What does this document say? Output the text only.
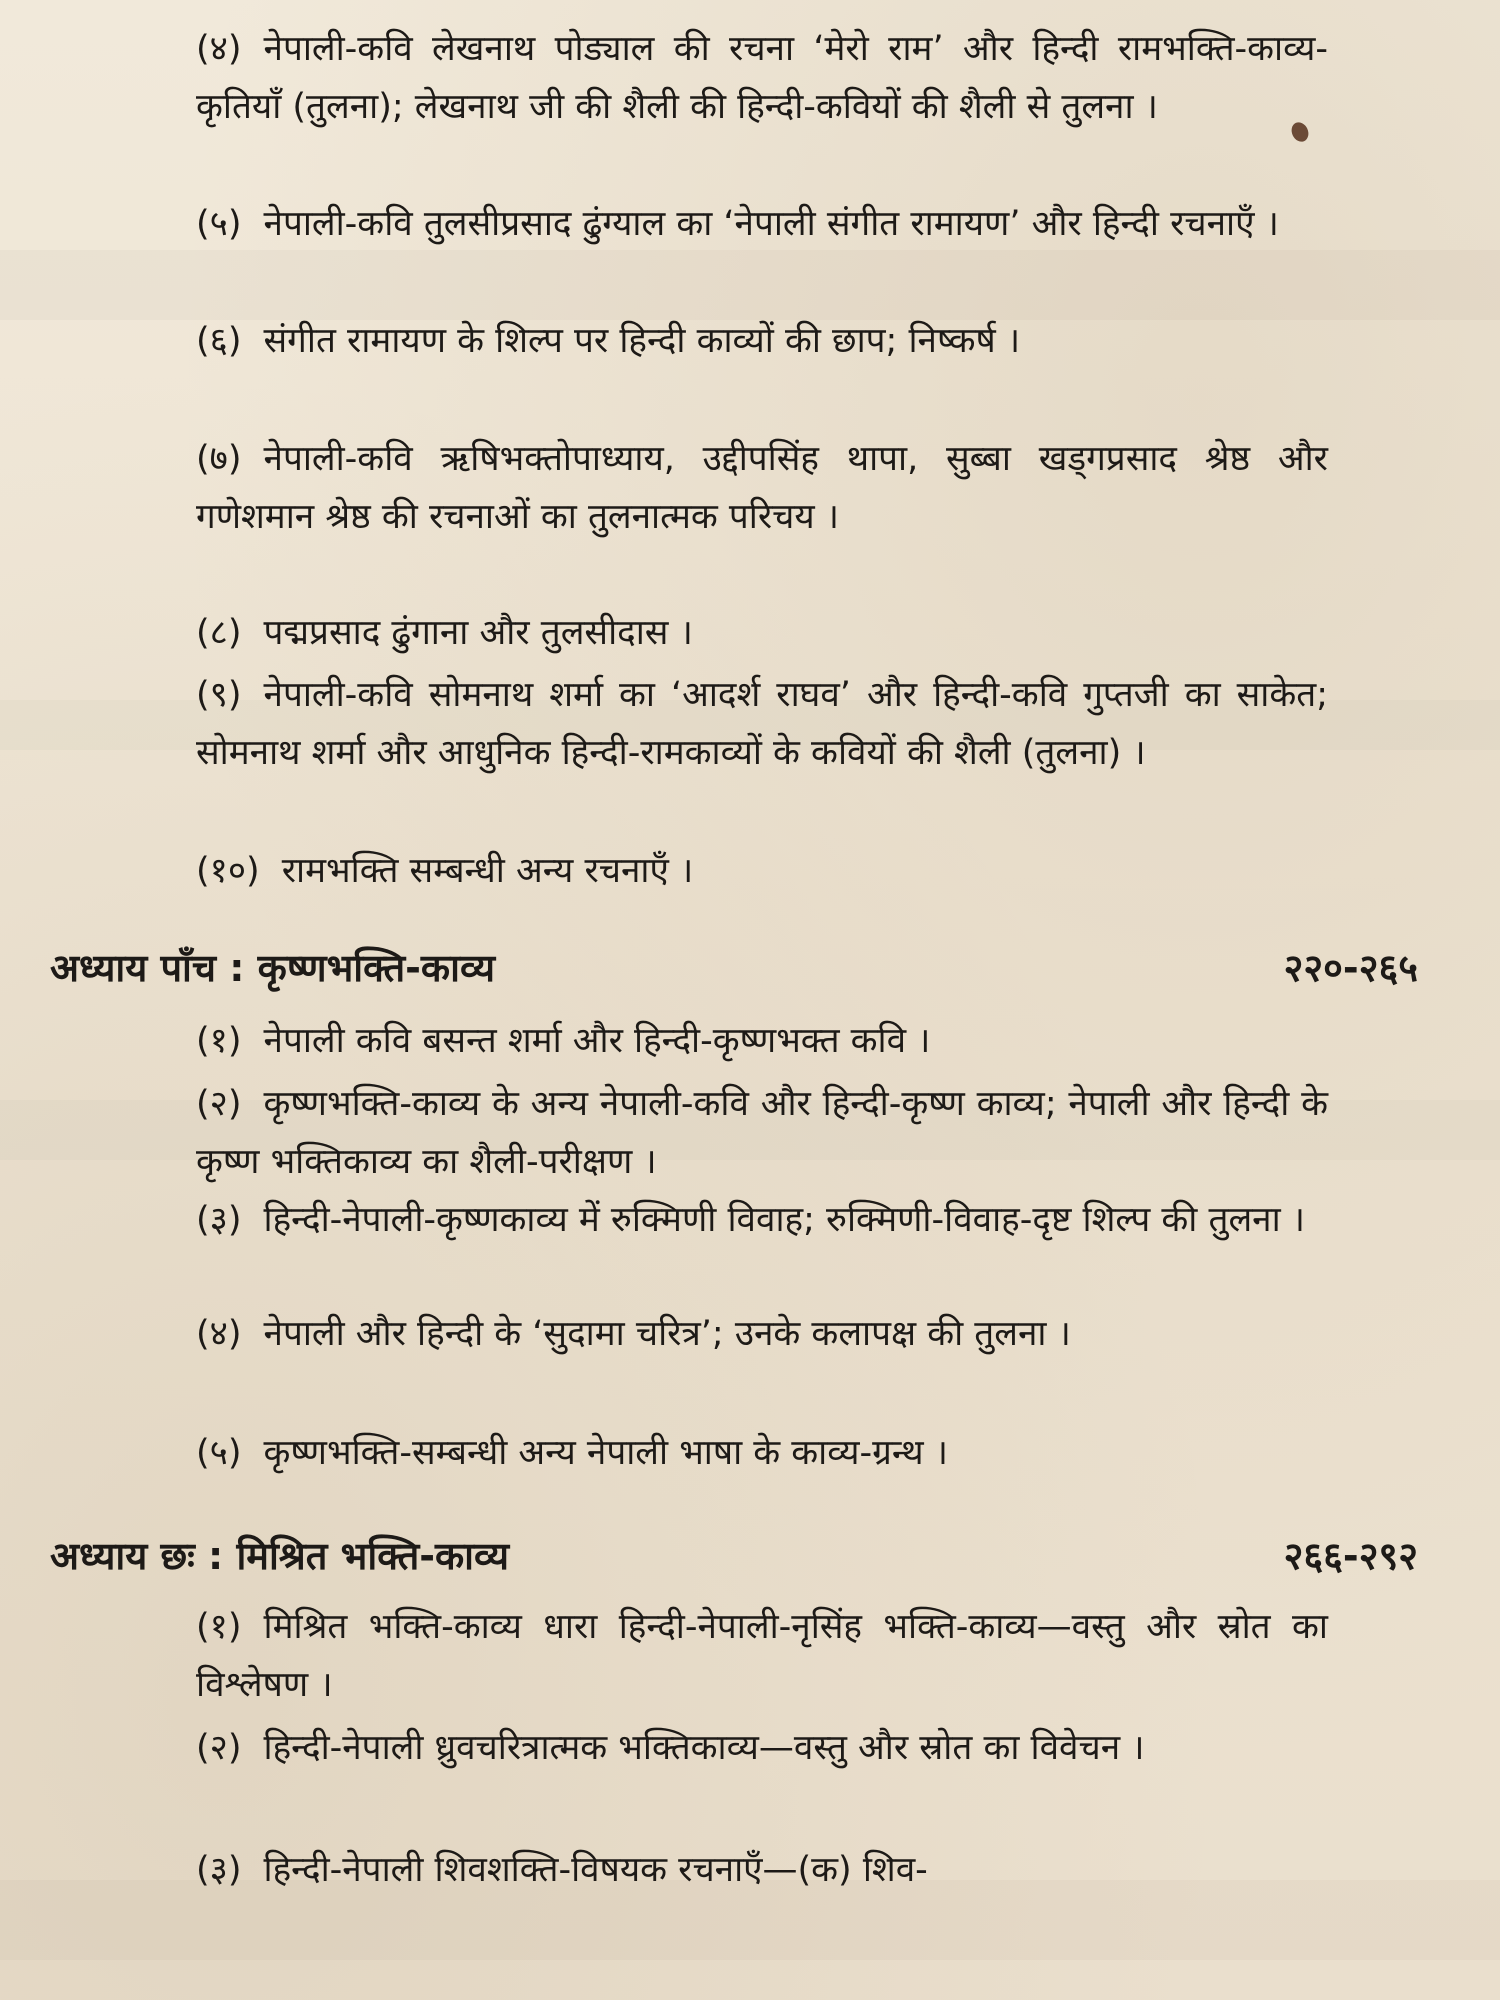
(४) नेपाली-कवि लेखनाथ पोड्याल की रचना ‘मेरो राम’ और हिन्दी रामभक्ति-काव्य-कृतियाँ (तुलना); लेखनाथ जी की शैली की हिन्दी-कवियों की शैली से तुलना ।
(५) नेपाली-कवि तुलसीप्रसाद ढुंग्याल का ‘नेपाली संगीत रामायण’ और हिन्दी रचनाएँ ।
(६) संगीत रामायण के शिल्प पर हिन्दी काव्यों की छाप; निष्कर्ष ।
(७) नेपाली-कवि ऋषिभक्तोपाध्याय, उद्दीपसिंह थापा, सुब्बा खड्गप्रसाद श्रेष्ठ और गणेशमान श्रेष्ठ की रचनाओं का तुलनात्मक परिचय ।
(८) पद्मप्रसाद ढुंगाना और तुलसीदास ।
(९) नेपाली-कवि सोमनाथ शर्मा का ‘आदर्श राघव’ और हिन्दी-कवि गुप्तजी का साकेत; सोमनाथ शर्मा और आधुनिक हिन्दी-रामकाव्यों के कवियों की शैली (तुलना) ।
(१०) रामभक्ति सम्बन्धी अन्य रचनाएँ ।
अध्याय पाँच : कृष्णभक्ति-काव्य	२२०-२६५
(१) नेपाली कवि बसन्त शर्मा और हिन्दी-कृष्णभक्त कवि ।
(२) कृष्णभक्ति-काव्य के अन्य नेपाली-कवि और हिन्दी-कृष्ण काव्य; नेपाली और हिन्दी के कृष्ण भक्तिकाव्य का शैली-परीक्षण ।
(३) हिन्दी-नेपाली-कृष्णकाव्य में रुक्मिणी विवाह; रुक्मिणी-विवाह-दृष्ट शिल्प की तुलना ।
(४) नेपाली और हिन्दी के ‘सुदामा चरित्र’; उनके कलापक्ष की तुलना ।
(५) कृष्णभक्ति-सम्बन्धी अन्य नेपाली भाषा के काव्य-ग्रन्थ ।
अध्याय छः : मिश्रित भक्ति-काव्य	२६६-२९२
(१) मिश्रित भक्ति-काव्य धारा हिन्दी-नेपाली-नृसिंह भक्ति-काव्य—वस्तु और स्रोत का विश्लेषण ।
(२) हिन्दी-नेपाली ध्रुवचरित्रात्मक भक्तिकाव्य—वस्तु और स्रोत का विवेचन ।
(३) हिन्दी-नेपाली शिवशक्ति-विषयक रचनाएँ—(क) शिव-
